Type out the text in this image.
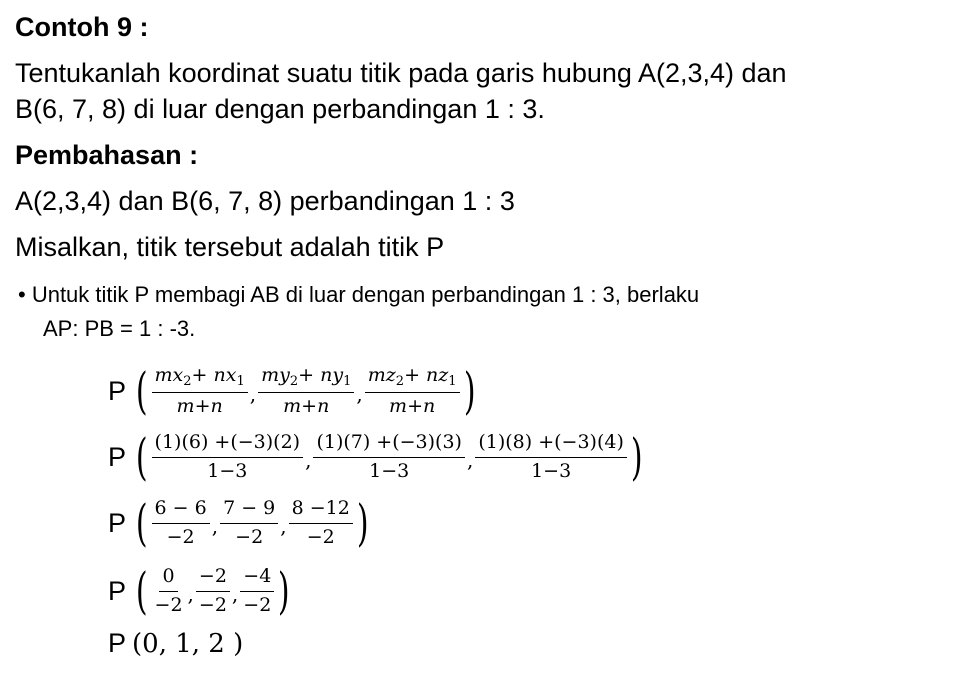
Contoh 9 :
Tentukanlah koordinat suatu titik pada garis hubung A(2,3,4) dan
B(6, 7, 8) di luar dengan perbandingan 1 : 3.
Pembahasan :
A(2,3,4) dan B(6, 7, 8) perbandingan 1 : 3
Misalkan, titik tersebut adalah titik P
• Untuk titik P membagi AB di luar dengan perbandingan 1 : 3, berlaku
AP: PB = 1 : -3.
P ( $\frac{mx_2+ nx_1}{m+n}$ , $\frac{my_2+ ny_1}{m+n}$ , $\frac{mz_2+ nz_1}{m+n}$ )
P ( $\frac{(1)(6) +(-3)(2)}{1-3}$ , $\frac{(1)(7) +(-3)(3)}{1-3}$ , $\frac{(1)(8) +(-3)(4)}{1-3}$ )
P ( $\frac{6 - 6}{-2}$ , $\frac{7 - 9}{-2}$ , $\frac{8 -12}{-2}$ )
P ( $\frac{0}{-2}$ , $\frac{-2}{-2}$ , $\frac{-4}{-2}$ )
P (0, 1, 2 )
